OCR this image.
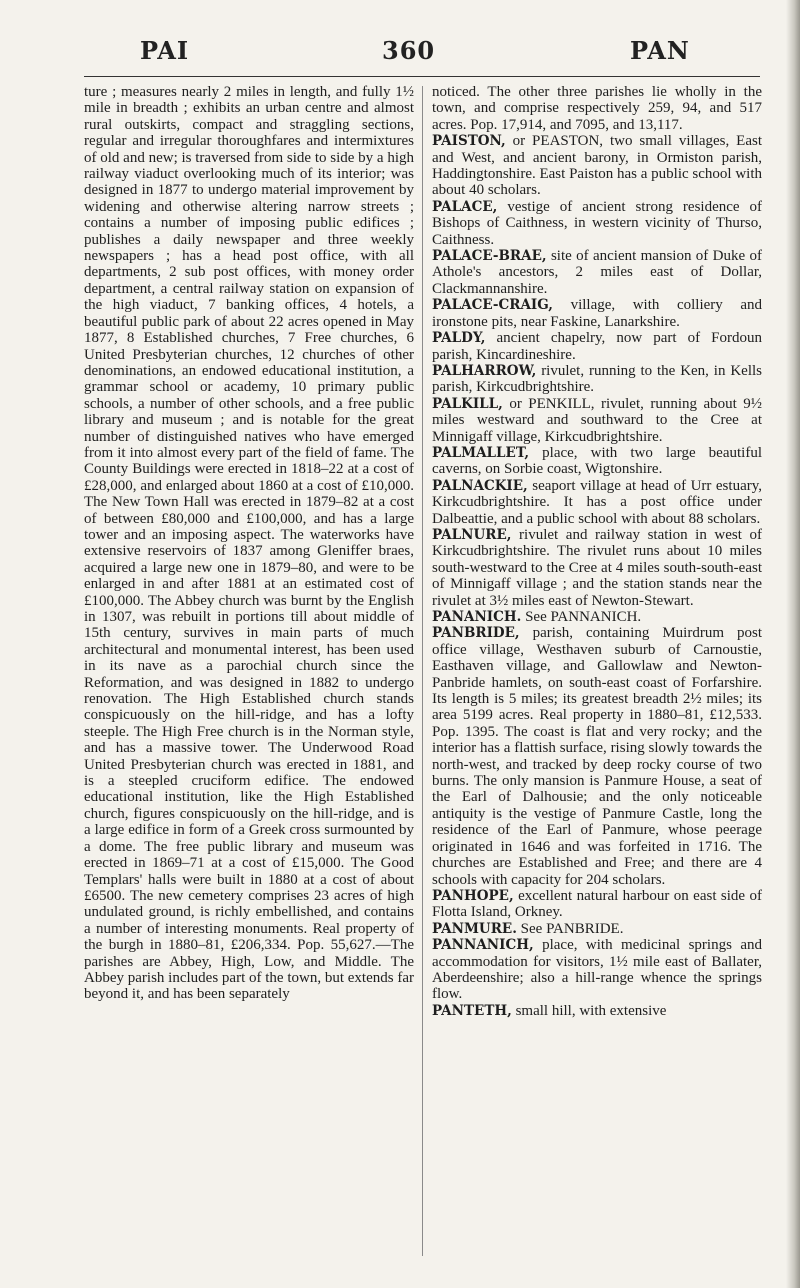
PAI	360	PAN

ture ; measures nearly 2 miles in length, and fully 1½ mile in breadth ; exhibits an urban centre and almost rural outskirts, compact and straggling sections, regular and irregular thoroughfares and intermixtures of old and new; is traversed from side to side by a high railway viaduct overlooking much of its interior; was designed in 1877 to undergo material improvement by widening and otherwise altering narrow streets ; contains a number of imposing public edifices ; publishes a daily newspaper and three weekly newspapers ; has a head post office, with all departments, 2 sub post offices, with money order department, a central railway station on expansion of the high viaduct, 7 banking offices, 4 hotels, a beautiful public park of about 22 acres opened in May 1877, 8 Established churches, 7 Free churches, 6 United Presbyterian churches, 12 churches of other denominations, an endowed educational institution, a grammar school or academy, 10 primary public schools, a number of other schools, and a free public library and museum ; and is notable for the great number of distinguished natives who have emerged from it into almost every part of the field of fame. The County Buildings were erected in 1818–22 at a cost of £28,000, and enlarged about 1860 at a cost of £10,000. The New Town Hall was erected in 1879–82 at a cost of between £80,000 and £100,000, and has a large tower and an imposing aspect. The waterworks have extensive reservoirs of 1837 among Gleniffer braes, acquired a large new one in 1879–80, and were to be enlarged in and after 1881 at an estimated cost of £100,000. The Abbey church was burnt by the English in 1307, was rebuilt in portions till about middle of 15th century, survives in main parts of much architectural and monumental interest, has been used in its nave as a parochial church since the Reformation, and was designed in 1882 to undergo renovation. The High Established church stands conspicuously on the hill-ridge, and has a lofty steeple. The High Free church is in the Norman style, and has a massive tower. The Underwood Road United Presbyterian church was erected in 1881, and is a steepled cruciform edifice. The endowed educational institution, like the High Established church, figures conspicuously on the hill-ridge, and is a large edifice in form of a Greek cross surmounted by a dome. The free public library and museum was erected in 1869–71 at a cost of £15,000. The Good Templars' halls were built in 1880 at a cost of about £6500. The new cemetery comprises 23 acres of high undulated ground, is richly embellished, and contains a number of interesting monuments. Real property of the burgh in 1880–81, £206,334. Pop. 55,627.—The parishes are Abbey, High, Low, and Middle. The Abbey parish includes part of the town, but extends far beyond it, and has been separately

noticed. The other three parishes lie wholly in the town, and comprise respectively 259, 94, and 517 acres. Pop. 17,914, and 7095, and 13,117.

PAISTON, or PEASTON, two small villages, East and West, and ancient barony, in Ormiston parish, Haddingtonshire. East Paiston has a public school with about 40 scholars.

PALACE, vestige of ancient strong residence of Bishops of Caithness, in western vicinity of Thurso, Caithness.

PALACE-BRAE, site of ancient mansion of Duke of Athole's ancestors, 2 miles east of Dollar, Clackmannanshire.

PALACE-CRAIG, village, with colliery and ironstone pits, near Faskine, Lanarkshire.

PALDY, ancient chapelry, now part of Fordoun parish, Kincardineshire.

PALHARROW, rivulet, running to the Ken, in Kells parish, Kirkcudbrightshire.

PALKILL, or PENKILL, rivulet, running about 9½ miles westward and southward to the Cree at Minnigaff village, Kirkcudbrightshire.

PALMALLET, place, with two large beautiful caverns, on Sorbie coast, Wigtonshire.

PALNACKIE, seaport village at head of Urr estuary, Kirkcudbrightshire. It has a post office under Dalbeattie, and a public school with about 88 scholars.

PALNURE, rivulet and railway station in west of Kirkcudbrightshire. The rivulet runs about 10 miles south-westward to the Cree at 4 miles south-south-east of Minnigaff village ; and the station stands near the rivulet at 3½ miles east of Newton-Stewart.

PANANICH. See PANNANICH.

PANBRIDE, parish, containing Muirdrum post office village, Westhaven suburb of Carnoustie, Easthaven village, and Gallowlaw and Newton-Panbride hamlets, on south-east coast of Forfarshire. Its length is 5 miles; its greatest breadth 2½ miles; its area 5199 acres. Real property in 1880–81, £12,533. Pop. 1395. The coast is flat and very rocky; and the interior has a flattish surface, rising slowly towards the north-west, and tracked by deep rocky course of two burns. The only mansion is Panmure House, a seat of the Earl of Dalhousie; and the only noticeable antiquity is the vestige of Panmure Castle, long the residence of the Earl of Panmure, whose peerage originated in 1646 and was forfeited in 1716. The churches are Established and Free; and there are 4 schools with capacity for 204 scholars.

PANHOPE, excellent natural harbour on east side of Flotta Island, Orkney.

PANMURE. See PANBRIDE.

PANNANICH, place, with medicinal springs and accommodation for visitors, 1½ mile east of Ballater, Aberdeenshire; also a hill-range whence the springs flow.

PANTETH, small hill, with extensive
